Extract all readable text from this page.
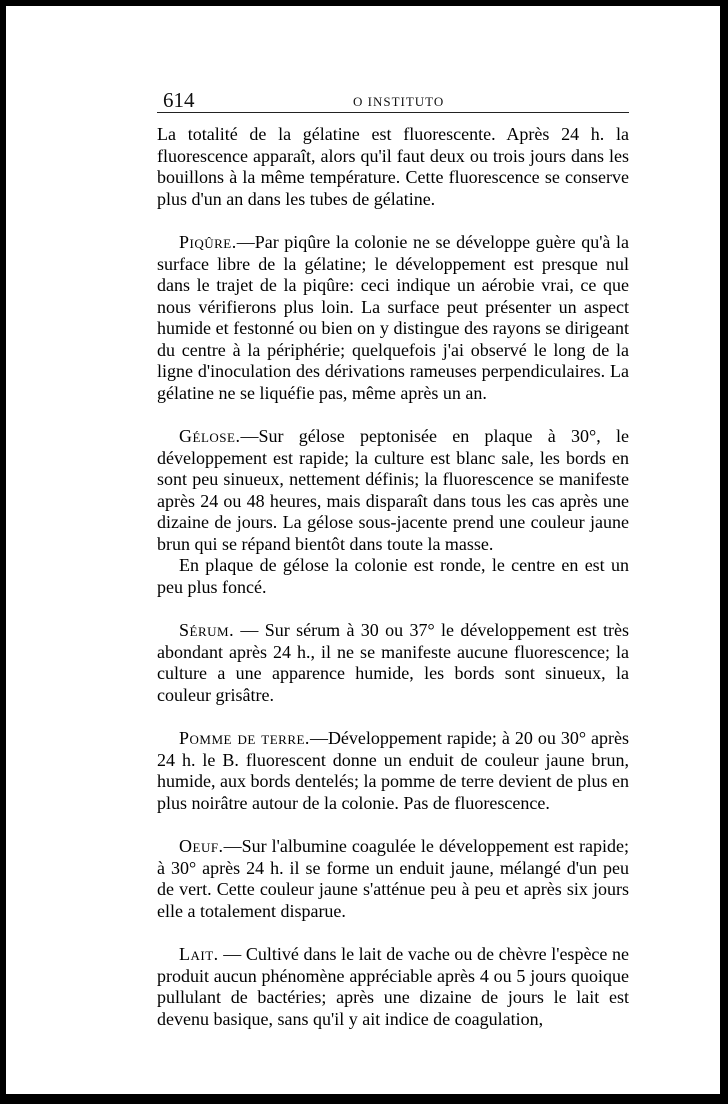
614	O INSTITUTO

La totalité de la gélatine est fluorescente. Après 24 h. la fluorescence apparaît, alors qu'il faut deux ou trois jours dans les bouillons à la même température. Cette fluorescence se conserve plus d'un an dans les tubes de gélatine.

Piqûre.—Par piqûre la colonie ne se développe guère qu'à la surface libre de la gélatine; le développement est presque nul dans le trajet de la piqûre: ceci indique un aérobie vrai, ce que nous vérifierons plus loin. La surface peut présenter un aspect humide et festonné ou bien on y distingue des rayons se dirigeant du centre à la périphérie; quelquefois j'ai observé le long de la ligne d'inoculation des dérivations rameuses perpendiculaires. La gélatine ne se liquéfie pas, même après un an.

Gélose.—Sur gélose peptonisée en plaque à 30°, le développement est rapide; la culture est blanc sale, les bords en sont peu sinueux, nettement définis; la fluorescence se manifeste après 24 ou 48 heures, mais disparaît dans tous les cas après une dizaine de jours. La gélose sous-jacente prend une couleur jaune brun qui se répand bientôt dans toute la masse.

En plaque de gélose la colonie est ronde, le centre en est un peu plus foncé.

Sérum. — Sur sérum à 30 ou 37° le développement est très abondant après 24 h., il ne se manifeste aucune fluorescence; la culture a une apparence humide, les bords sont sinueux, la couleur grisâtre.

Pomme de terre.—Développement rapide; à 20 ou 30° après 24 h. le B. fluorescent donne un enduit de couleur jaune brun, humide, aux bords dentelés; la pomme de terre devient de plus en plus noirâtre autour de la colonie. Pas de fluorescence.

Oeuf.—Sur l'albumine coagulée le développement est rapide; à 30° après 24 h. il se forme un enduit jaune, mélangé d'un peu de vert. Cette couleur jaune s'atténue peu à peu et après six jours elle a totalement disparue.

Lait. — Cultivé dans le lait de vache ou de chèvre l'espèce ne produit aucun phénomène appréciable après 4 ou 5 jours quoique pullulant de bactéries; après une dizaine de jours le lait est devenu basique, sans qu'il y ait indice de coagulation,
